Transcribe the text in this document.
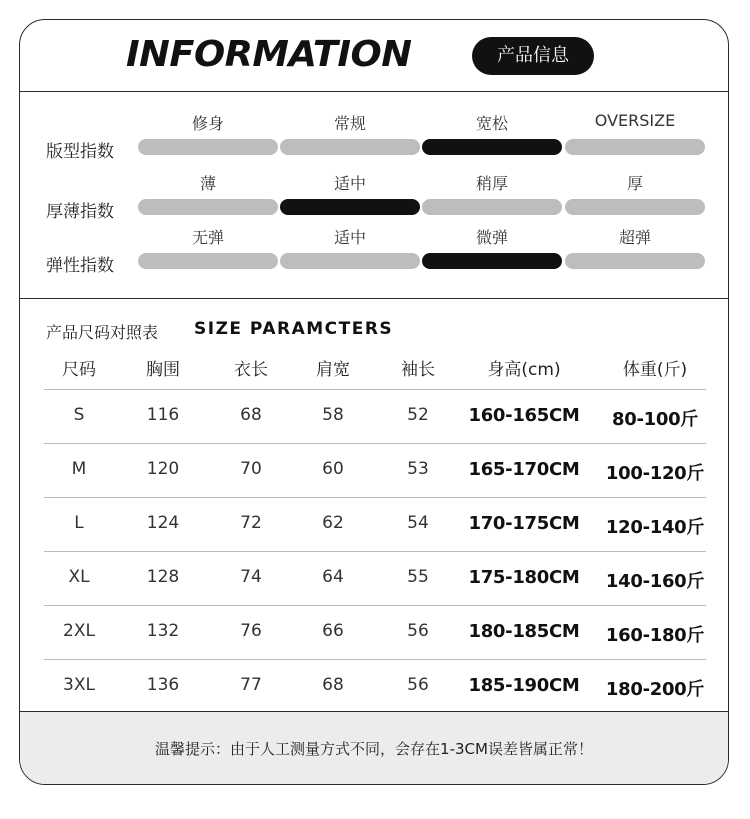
INFORMATION	产品信息
版型指数
修身	常规	宽松	OVERSIZE
厚薄指数
薄	适中	稍厚	厚
弹性指数
无弹	适中	微弹	超弹
产品尺码对照表 SIZE PARAMCTERS
尺码	胸围	衣长	肩宽	袖长	身高(cm)	体重(斤)
S	116	68	58	52	160-165CM	80-100斤
M	120	70	60	53	165-170CM	100-120斤
L	124	72	62	54	170-175CM	120-140斤
XL	128	74	64	55	175-180CM	140-160斤
2XL	132	76	66	56	180-185CM	160-180斤
3XL	136	77	68	56	185-190CM	180-200斤
温馨提示：由于人工测量方式不同，会存在1-3CM误差皆属正常！
